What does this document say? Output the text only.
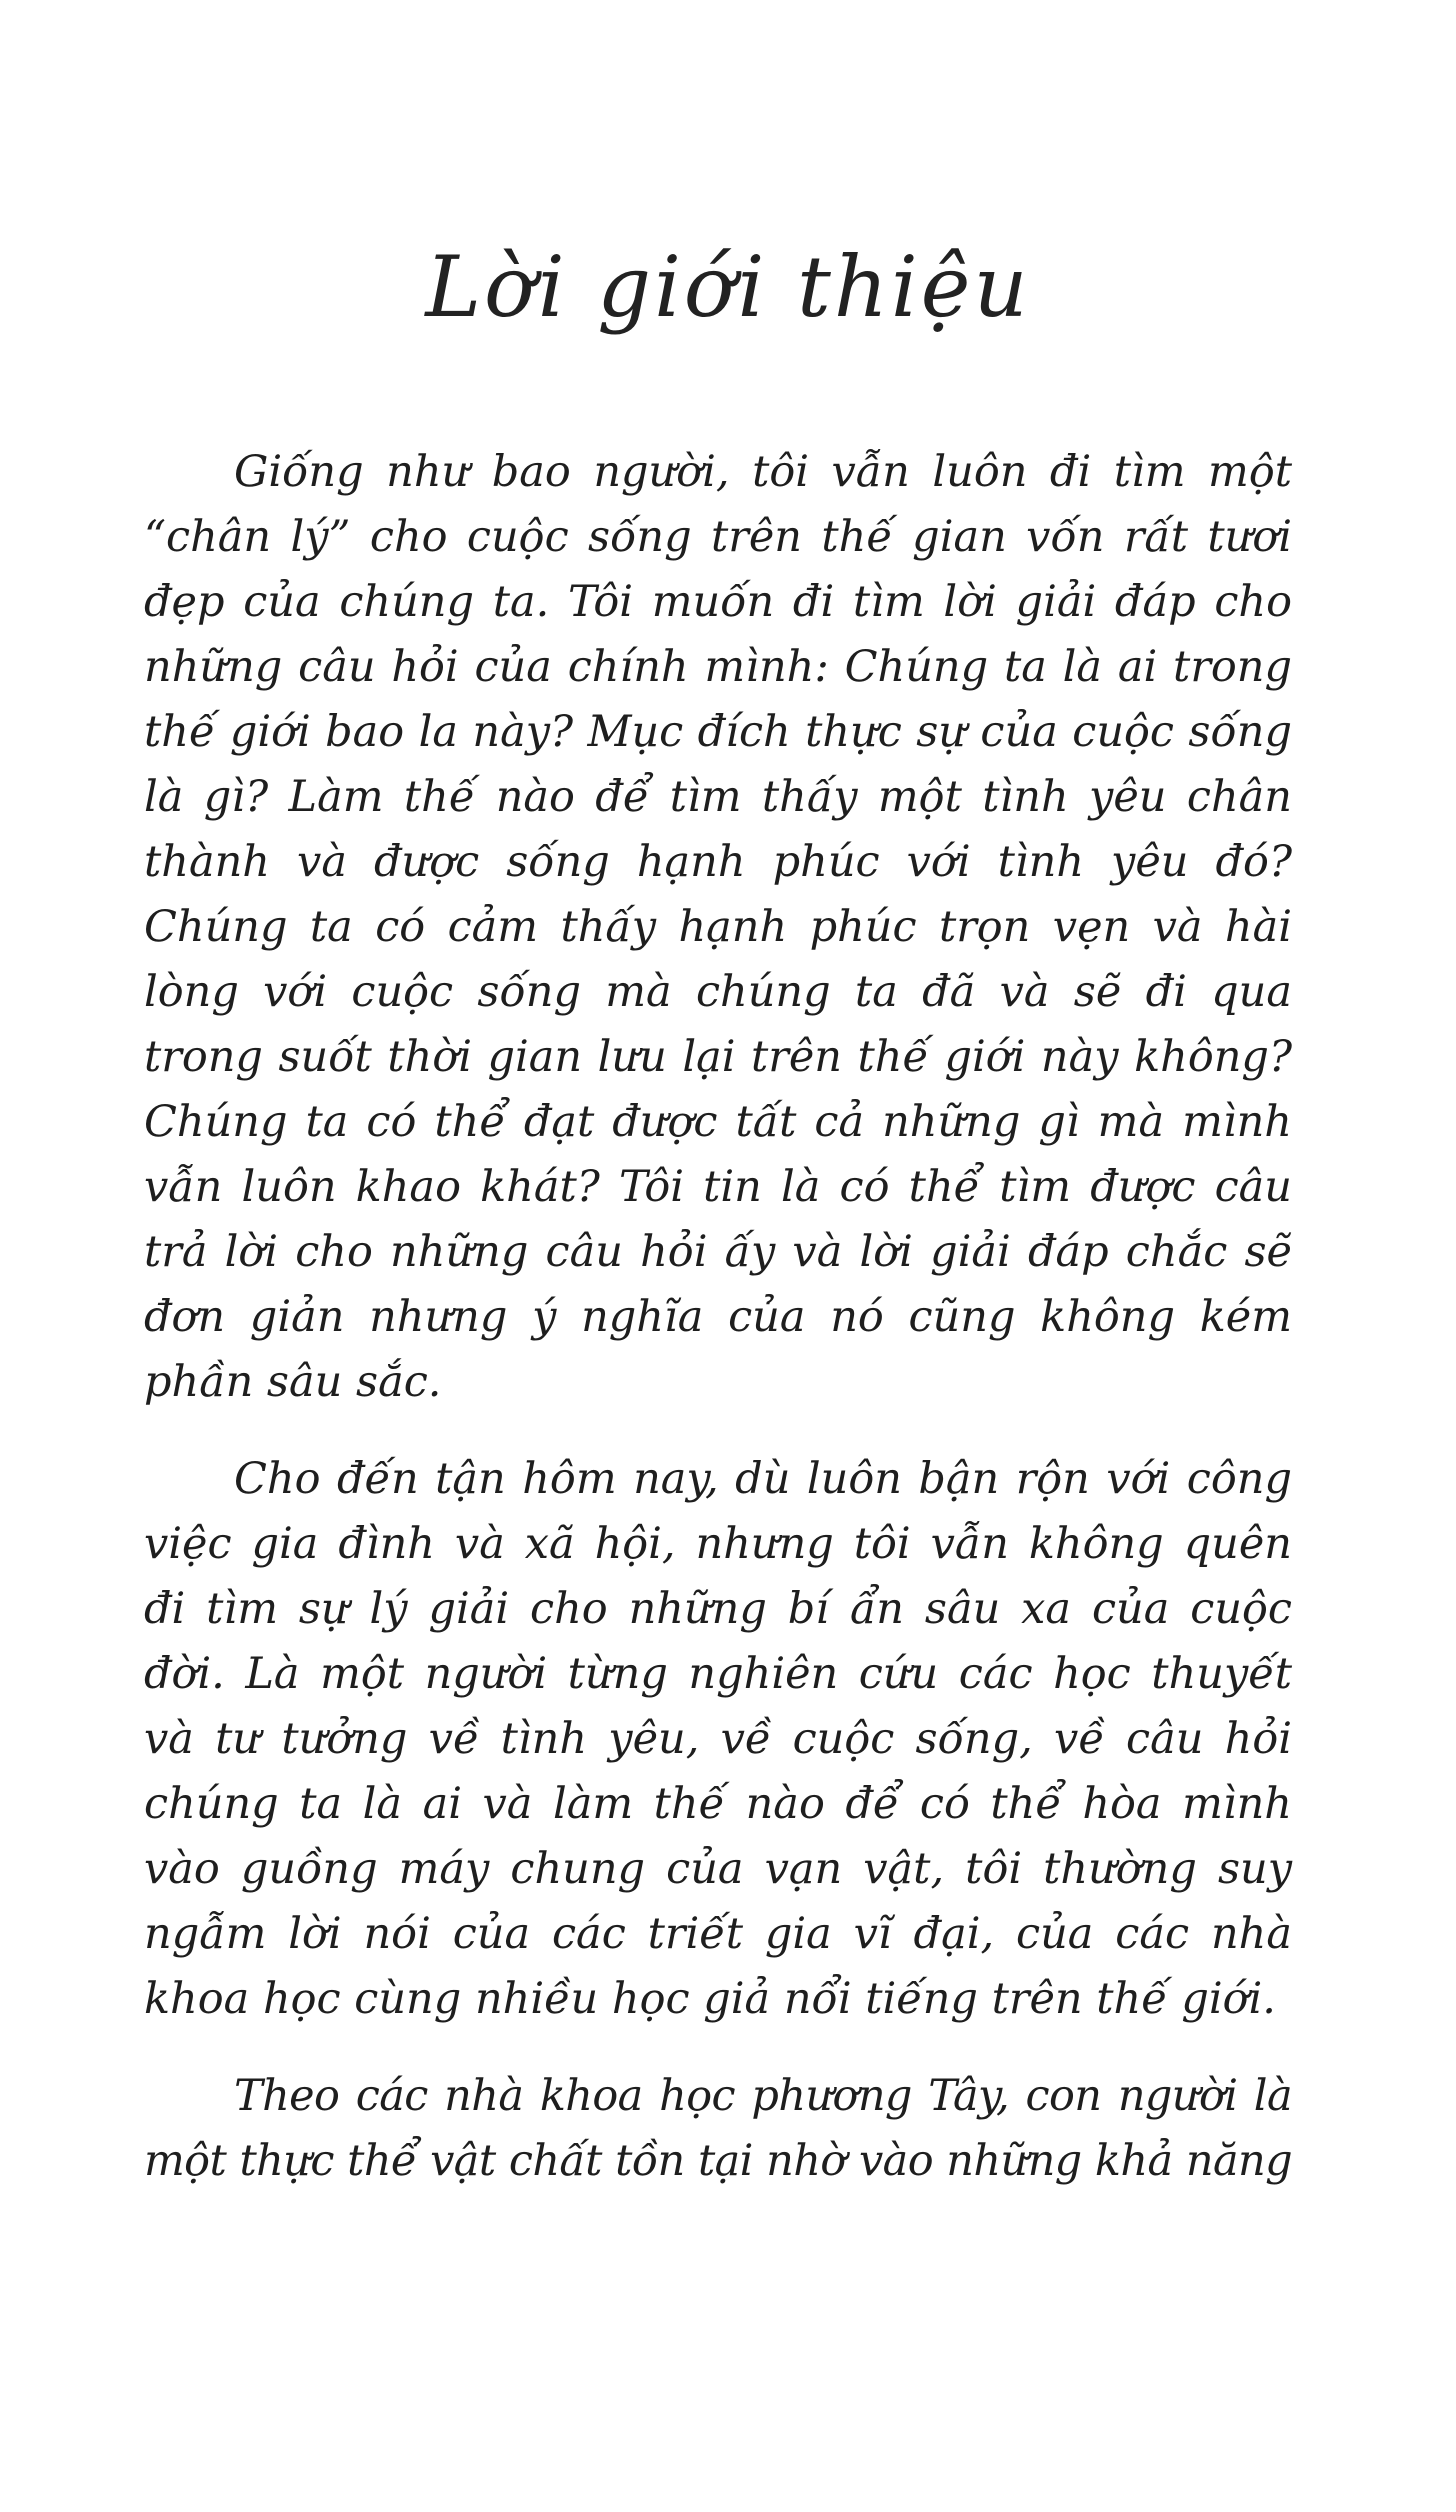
Lời giới thiệu

Giống như bao người, tôi vẫn luôn đi tìm một
“chân lý” cho cuộc sống trên thế gian vốn rất tươi
đẹp của chúng ta. Tôi muốn đi tìm lời giải đáp cho
những câu hỏi của chính mình: Chúng ta là ai trong
thế giới bao la này? Mục đích thực sự của cuộc sống
là gì? Làm thế nào để tìm thấy một tình yêu chân
thành và được sống hạnh phúc với tình yêu đó?
Chúng ta có cảm thấy hạnh phúc trọn vẹn và hài
lòng với cuộc sống mà chúng ta đã và sẽ đi qua
trong suốt thời gian lưu lại trên thế giới này không?
Chúng ta có thể đạt được tất cả những gì mà mình
vẫn luôn khao khát? Tôi tin là có thể tìm được câu
trả lời cho những câu hỏi ấy và lời giải đáp chắc sẽ
đơn giản nhưng ý nghĩa của nó cũng không kém
phần sâu sắc.

Cho đến tận hôm nay, dù luôn bận rộn với công
việc gia đình và xã hội, nhưng tôi vẫn không quên
đi tìm sự lý giải cho những bí ẩn sâu xa của cuộc
đời. Là một người từng nghiên cứu các học thuyết
và tư tưởng về tình yêu, về cuộc sống, về câu hỏi
chúng ta là ai và làm thế nào để có thể hòa mình
vào guồng máy chung của vạn vật, tôi thường suy
ngẫm lời nói của các triết gia vĩ đại, của các nhà
khoa học cùng nhiều học giả nổi tiếng trên thế giới.

Theo các nhà khoa học phương Tây, con người là
một thực thể vật chất tồn tại nhờ vào những khả năng
